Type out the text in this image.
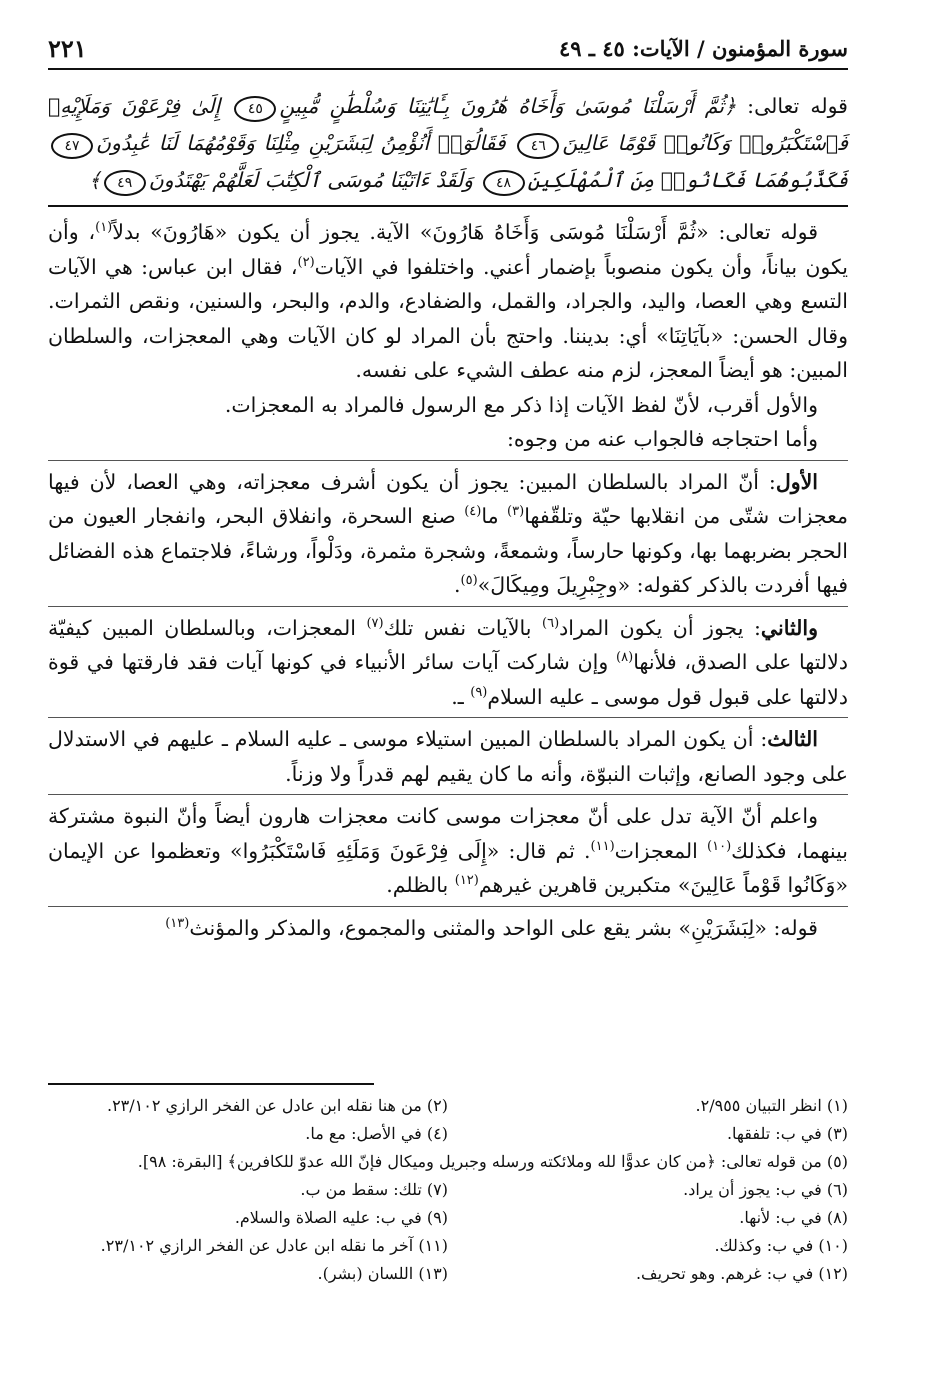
سورة المؤمنون / الآيات: ٤٥ ـ ٤٩
٢٢١
قوله تعالى: ﴿ثُمَّ أَرْسَلْنَا مُوسَىٰ وَأَخَاهُ هَٰرُونَ بِـَٔايَٰتِنَا وَسُلْطَٰنٍ مُّبِينٍ٤٥ إِلَىٰ فِرْعَوْنَ وَمَلَإِيْهِۦ فَٱسْتَكْبَرُوا۟ وَكَانُوا۟ قَوْمًا عَالِينَ٤٦ فَقَالُوٓا۟ أَنُؤْمِنُ لِبَشَرَيْنِ مِثْلِنَا وَقَوْمُهُمَا لَنَا عَٰبِدُونَ٤٧ فَكَذَّبُوهُمَا فَكَانُوا۟ مِنَ ٱلْمُهْلَكِينَ٤٨ وَلَقَدْ ءَاتَيْنَا مُوسَى ٱلْكِتَٰبَ لَعَلَّهُمْ يَهْتَدُونَ٤٩﴾

قوله تعالى: «ثُمَّ أَرْسَلْنَا مُوسَى وَأَخَاهُ هَارُونَ» الآية. يجوز أن يكون «هَارُونَ» بدلاً$^{(١)}$، وأن يكون بياناً، وأن يكون منصوباً بإضمار أعني. واختلفوا في الآيات$^{(٢)}$، فقال ابن عباس: هي الآيات التسع وهي العصا، واليد، والجراد، والقمل، والضفادع، والدم، والبحر، والسنين، ونقص الثمرات. وقال الحسن: «بآيَاتِنَا» أي: بديننا. واحتج بأن المراد لو كان الآيات وهي المعجزات، والسلطان المبين: هو أيضاً المعجز، لزم منه عطف الشيء على نفسه.

والأول أقرب، لأنّ لفظ الآيات إذا ذكر مع الرسول فالمراد به المعجزات.

وأما احتجاجه فالجواب عنه من وجوه:

الأول: أنّ المراد بالسلطان المبين: يجوز أن يكون أشرف معجزاته، وهي العصا، لأن فيها معجزات شتّى من انقلابها حيّة وتلقّفها$^{(٣)}$ ما$^{(٤)}$ صنع السحرة، وانفلاق البحر، وانفجار العيون من الحجر بضربهما بها، وكونها حارساً، وشمعةً، وشجرة مثمرة، ودَلْواً، ورشاءً، فلاجتماع هذه الفضائل فيها أفردت بالذكر كقوله: «وجِبْرِيلَ ومِيكَالَ»$^{(٥)}$.

والثاني: يجوز أن يكون المراد$^{(٦)}$ بالآيات نفس تلك$^{(٧)}$ المعجزات، وبالسلطان المبين كيفيّة دلالتها على الصدق، فلأنها$^{(٨)}$ وإن شاركت آيات سائر الأنبياء في كونها آيات فقد فارقتها في قوة دلالتها على قبول قول موسى ـ عليه السلام$^{(٩)}$ ـ.

الثالث: أن يكون المراد بالسلطان المبين استيلاء موسى ـ عليه السلام ـ عليهم في الاستدلال على وجود الصانع، وإثبات النبوّة، وأنه ما كان يقيم لهم قدراً ولا وزناً.

واعلم أنّ الآية تدل على أنّ معجزات موسى كانت معجزات هارون أيضاً وأنّ النبوة مشتركة بينهما، فكذلك$^{(١٠)}$ المعجزات$^{(١١)}$. ثم قال: «إِلَى فِرْعَونَ وَمَلَئِهِ فَاسْتَكْبَرُوا» وتعظموا عن الإيمان «وَكَانُوا قَوْماً عَالِينَ» متكبرين قاهرين غيرهم$^{(١٢)}$ بالظلم.

قوله: «لِبَشَرَيْنِ» بشر يقع على الواحد والمثنى والمجموع، والمذكر والمؤنث$^{(١٣)}$

(١) انظر التبيان ٢/٩٥٥.
(٢) من هنا نقله ابن عادل عن الفخر الرازي ٢٣/١٠٢.
(٣) في ب: تلفقها.
(٤) في الأصل: مع ما.
(٥) من قوله تعالى: ﴿من كان عدوًّا لله وملائكته ورسله وجبريل وميكال فإنّ الله عدوّ للكافرين﴾ [البقرة: ٩٨].
(٦) في ب: يجوز أن يراد.
(٧) تلك: سقط من ب.
(٨) في ب: لأنها.
(٩) في ب: عليه الصلاة والسلام.
(١٠) في ب: وكذلك.
(١١) آخر ما نقله ابن عادل عن الفخر الرازي ٢٣/١٠٢.
(١٢) في ب: غرهم. وهو تحريف.
(١٣) اللسان (بشر).
